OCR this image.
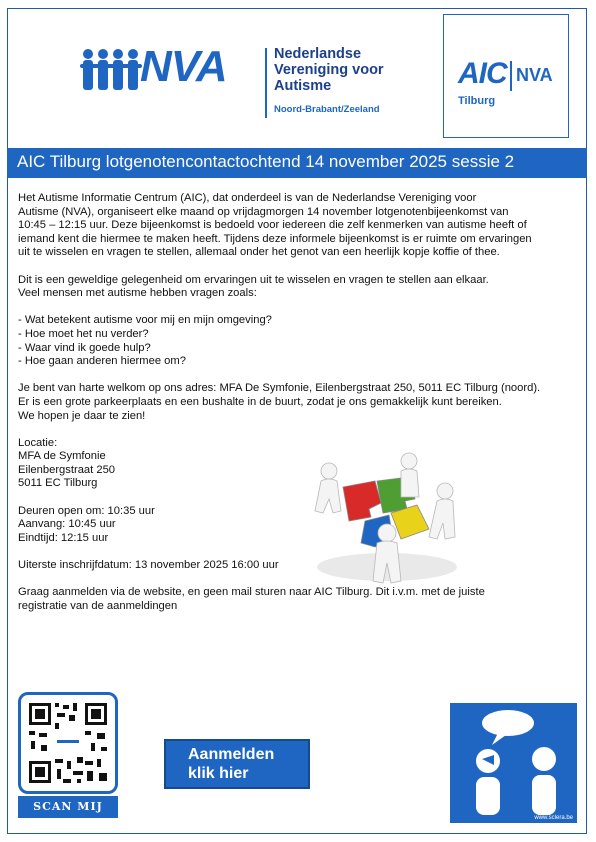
NVA	Nederlandse
Vereniging voor
Autisme
Noord-Brabant/Zeeland
AIC NVA
Tilburg
AIC Tilburg lotgenotencontactochtend 14 november 2025 sessie 2

Het Autisme Informatie Centrum (AIC), dat onderdeel is van de Nederlandse Vereniging voor
Autisme (NVA), organiseert elke maand op vrijdagmorgen 14 november lotgenotenbijeenkomst van
10:45 – 12:15 uur. Deze bijeenkomst is bedoeld voor iedereen die zelf kenmerken van autisme heeft of
iemand kent die hiermee te maken heeft. Tijdens deze informele bijeenkomst is er ruimte om ervaringen
uit te wisselen en vragen te stellen, allemaal onder het genot van een heerlijk kopje koffie of thee.

Dit is een geweldige gelegenheid om ervaringen uit te wisselen en vragen te stellen aan elkaar.
Veel mensen met autisme hebben vragen zoals:

- Wat betekent autisme voor mij en mijn omgeving?
- Hoe moet het nu verder?
- Waar vind ik goede hulp?
- Hoe gaan anderen hiermee om?

Je bent van harte welkom op ons adres: MFA De Symfonie, Eilenbergstraat 250, 5011 EC Tilburg (noord).
Er is een grote parkeerplaats en een bushalte in de buurt, zodat je ons gemakkelijk kunt bereiken.
We hopen je daar te zien!

Locatie:
MFA de Symfonie
Eilenbergstraat 250
5011 EC Tilburg

Deuren open om: 10:35 uur
Aanvang: 10:45 uur
Eindtijd: 12:15 uur

Uiterste inschrijfdatum: 13 november 2025 16:00 uur

Graag aanmelden via de website, en geen mail sturen naar AIC Tilburg. Dit i.v.m. met de juiste
registratie van de aanmeldingen

SCAN MIJ
Aanmelden
klik hier
www.sclera.be
